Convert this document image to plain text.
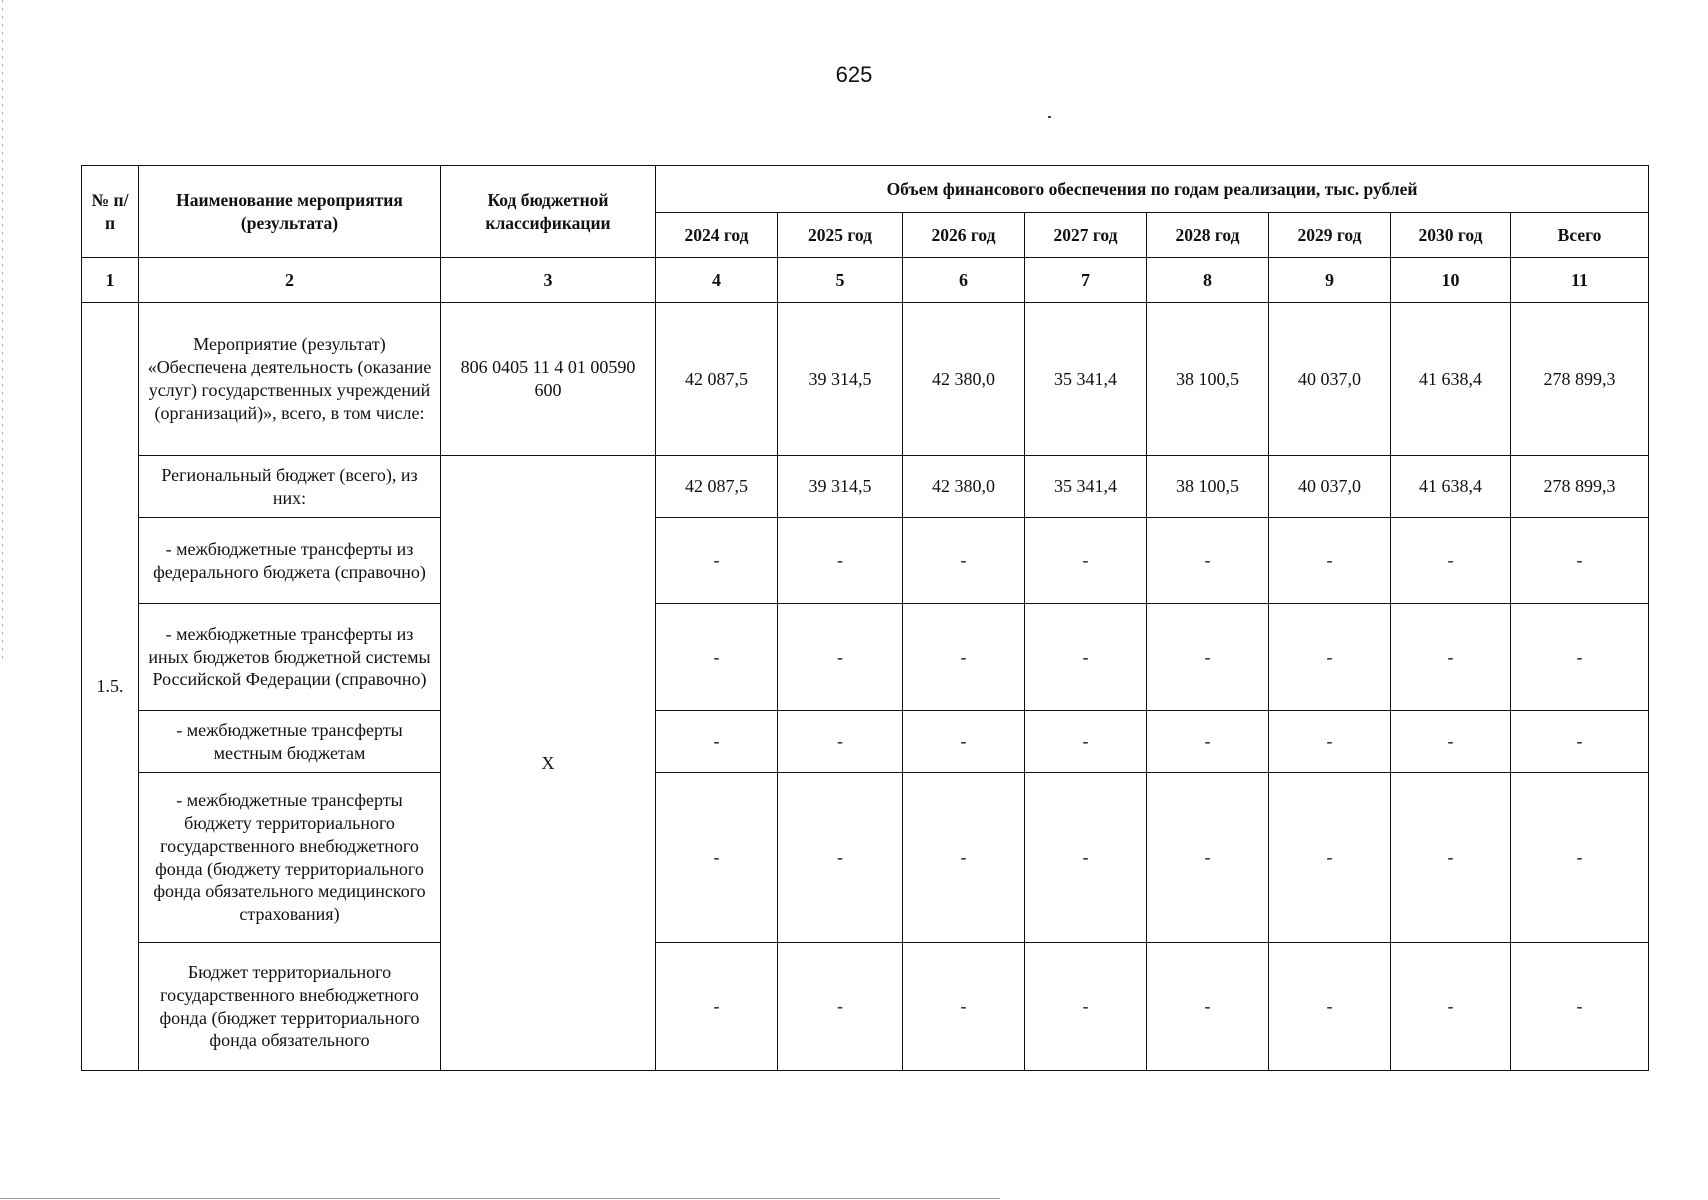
625
№ п/п	Наименование мероприятия (результата)	Код бюджетной классификации	Объем финансового обеспечения по годам реализации, тыс. рублей							
			2024 год	2025 год	2026 год	2027 год	2028 год	2029 год	2030 год	Всего
1	2	3	4	5	6	7	8	9	10	11
1.5.	Мероприятие (результат) «Обеспечена деятельность (оказание услуг) государственных учреждений (организаций)», всего, в том числе:	806 0405 11 4 01 00590 600	42 087,5	39 314,5	42 380,0	35 341,4	38 100,5	40 037,0	41 638,4	278 899,3
	Региональный бюджет (всего), из них:	Х	42 087,5	39 314,5	42 380,0	35 341,4	38 100,5	40 037,0	41 638,4	278 899,3
	- межбюджетные трансферты из федерального бюджета (справочно)		-	-	-	-	-	-	-	-
	- межбюджетные трансферты из иных бюджетов бюджетной системы Российской Федерации (справочно)		-	-	-	-	-	-	-	-
	- межбюджетные трансферты местным бюджетам		-	-	-	-	-	-	-	-
	- межбюджетные трансферты бюджету территориального государственного внебюджетного фонда (бюджету территориального фонда обязательного медицинского страхования)		-	-	-	-	-	-	-	-
	Бюджет территориального государственного внебюджетного фонда (бюджет территориального фонда обязательного		-	-	-	-	-	-	-	-
